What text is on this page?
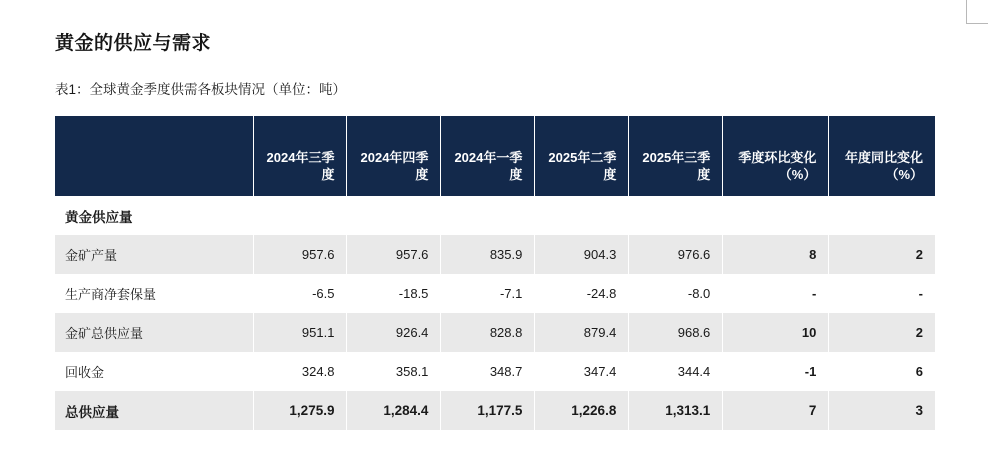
黄金的供应与需求
表1：全球黄金季度供需各板块情况（单位：吨）
	2024年三季度	2024年四季度	2024年一季度	2025年二季度	2025年三季度	季度环比变化（%）	年度同比变化（%）
黄金供应量							
金矿产量	957.6	957.6	835.9	904.3	976.6	8	2
生产商净套保量	-6.5	-18.5	-7.1	-24.8	-8.0	-	-
金矿总供应量	951.1	926.4	828.8	879.4	968.6	10	2
回收金	324.8	358.1	348.7	347.4	344.4	-1	6
总供应量	1,275.9	1,284.4	1,177.5	1,226.8	1,313.1	7	3
